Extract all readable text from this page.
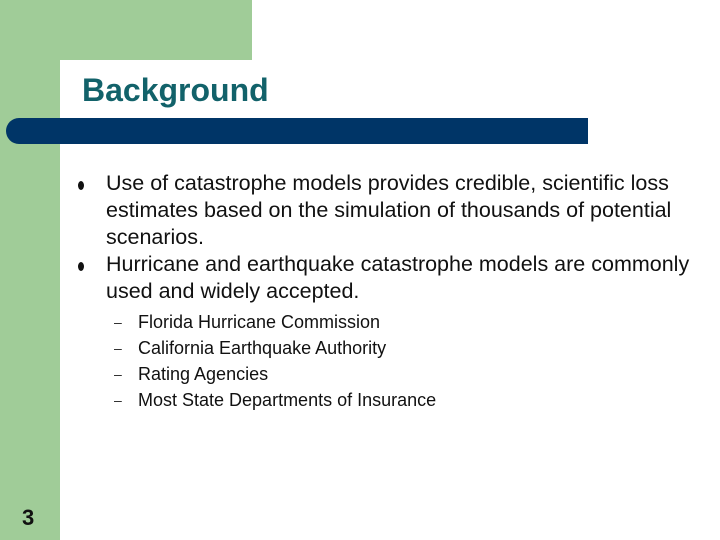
Background
Use of catastrophe models provides credible, scientific loss estimates based on the simulation of thousands of potential scenarios.
Hurricane and earthquake catastrophe models are commonly used and widely accepted.
– Florida Hurricane Commission
– California Earthquake Authority
– Rating Agencies
– Most State Departments of Insurance
3
